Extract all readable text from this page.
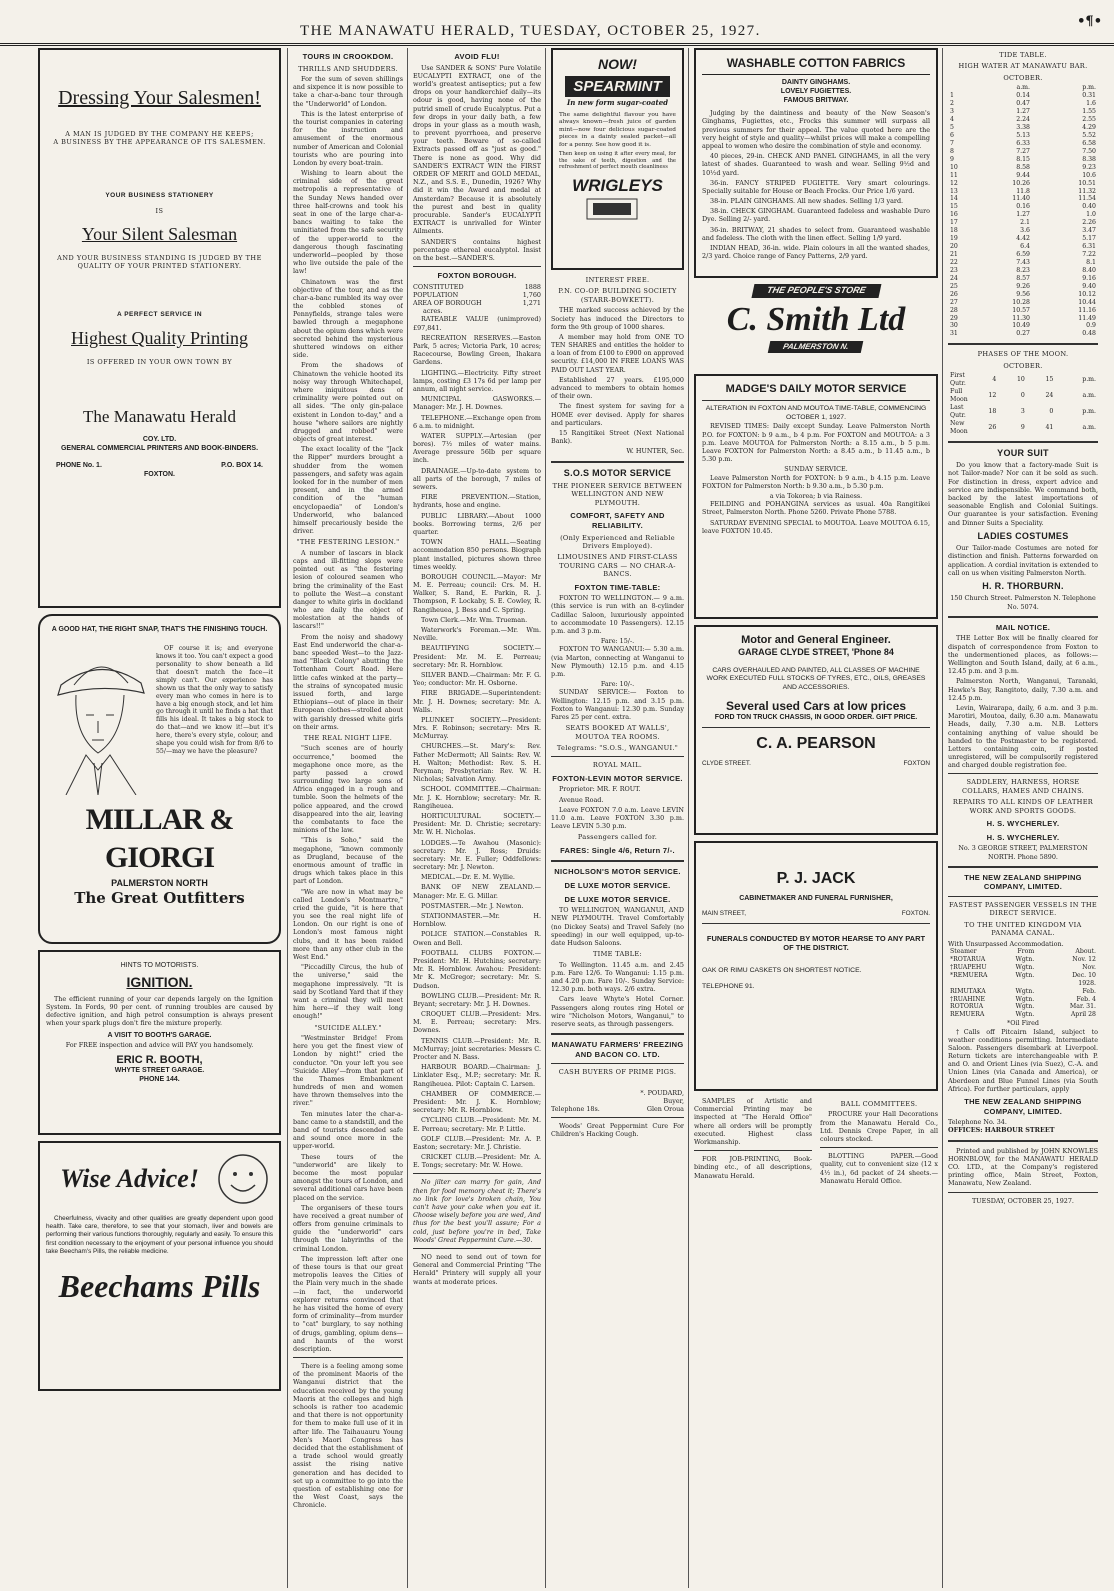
THE MANAWATU HERALD, TUESDAY, OCTOBER 25, 1927.
•¶•
Dressing Your Salesmen!
A MAN IS JUDGED BY THE COMPANY HE KEEPS;
A BUSINESS BY THE APPEARANCE OF ITS SALESMEN.
YOUR BUSINESS STATIONERY
IS
Your Silent Salesman
AND YOUR BUSINESS STANDING IS JUDGED BY THE QUALITY OF YOUR PRINTED STATIONERY.
A PERFECT SERVICE IN
Highest Quality Printing
IS OFFERED IN YOUR OWN TOWN BY
The Manawatu Herald
COY. LTD.
GENERAL COMMERCIAL PRINTERS AND BOOK-BINDERS.
PHONE No. 1.	P.O. BOX 14.
FOXTON.
A GOOD HAT, THE RIGHT SNAP, THAT'S THE FINISHING TOUCH.

OF course it is; and everyone knows it too. You can't expect a good personality to show beneath a lid that doesn't match the face—it simply can't. Our experience has shown us that the only way to satisfy every man who comes in here is to have a big enough stock, and let him go through it until he finds a hat that fills his ideal. It takes a big stock to do that—and we know it!—but it's here, there's every style, colour, and shape you could wish for from 8/6 to 55/—may we have the pleasure?

MILLAR & GIORGI
PALMERSTON NORTH
The Great Outfitters
HINTS TO MOTORISTS.
IGNITION.

The efficient running of your car depends largely on the Ignition System. In Fords, 90 per cent. of running troubles are caused by defective ignition, and high petrol consumption is always present when your spark plugs don't fire the mixture properly.

A VISIT TO BOOTH'S GARAGE.
For FREE inspection and advice will PAY you handsomely.
ERIC R. BOOTH,
WHYTE STREET GARAGE.
PHONE 144.
Wise Advice!

Cheerfulness, vivacity and other qualities are greatly dependent upon good health. Take care, therefore, to see that your stomach, liver and bowels are performing their various functions thoroughly, regularly and easily. To ensure this first condition necessary to the enjoyment of your personal influence you should take Beecham's Pills, the reliable medicine.

Beechams Pills
TOURS IN CROOKDOM.
THRILLS AND SHUDDERS.

For the sum of seven shillings and sixpence it is now possible to take a char-a-banc tour through the "Underworld" of London.

This is the latest enterprise of the tourist companies in catering for the instruction and amusement of the enormous number of American and Colonial tourists who are pouring into London by every boat-train.

Wishing to learn about the criminal side of the great metropolis a representative of the Sunday News handed over three half-crowns and took his seat in one of the large char-a-bancs waiting to take the uninitiated from the safe security of the upper-world to the dangerous though fascinating underworld—peopled by those who live outside the pale of the law!

Chinatown was the first objective of the tour, and as the char-a-banc rumbled its way over the cobbled stones of Pennyfields, strange tales were bawled through a megaphone about the opium dens which were secreted behind the mysterious shuttered windows on either side.

From the shadows of Chinatown the vehicle hooted its noisy way through Whitechapel, where iniquitous dens of criminality were pointed out on all sides. "The only gin-palace existent in London to-day," and a house "where sailors are nightly drugged and robbed" were objects of great interest.

The exact locality of the "Jack the Ripper" murders brought a shudder from the women passengers, and safety was again looked for in the number of men present, and in the armed condition of the "human encyclopaedia" of London's Underworld, who balanced himself precariously beside the driver.

"THE FESTERING LESION."

A number of lascars in black caps and ill-fitting slops were pointed out as "the festering lesion of coloured seamen who bring the criminality of the East to pollute the West—a constant danger to white girls in dockland who are daily the object of molestation at the hands of lascars!!"

From the noisy and shadowy East End underworld the char-a-banc speeded West—to the Jazz-mad "Black Colony" abutting the Tottenham Court Road. Here little cafes winked at the party—the strains of syncopated music issued forth, and large Ethiopians—out of place in their European clothes—strolled about with garishly dressed white girls on their arms.

THE REAL NIGHT LIFE.

"Such scenes are of hourly occurrence," boomed the megaphone once more, as the party passed a crowd surrounding two large sons of Africa engaged in a rough and tumble. Soon the helmets of the police appeared, and the crowd disappeared into the air, leaving the combatants to face the minions of the law.

"This is Soho," said the megaphone, "known commonly as Drugland, because of the enormous amount of traffic in drugs which takes place in this part of London.

"We are now in what may be called London's Montmartre," cried the guide, "it is here that you see the real night life of London. On our right is one of London's most famous night clubs, and it has been raided more than any other club in the West End."

"Piccadilly Circus, the hub of the universe," said the megaphone impressively. "It is said by Scotland Yard that if they want a criminal they will meet him here—if they wait long enough!"

"SUICIDE ALLEY."

"Westminster Bridge! From here you get the finest view of London by night!" cried the conductor. "On your left you see 'Suicide Alley'—from that part of the Thames Embankment hundreds of men and women have thrown themselves into the river."

Ten minutes later the char-a-banc came to a standstill, and the band of tourists descended safe and sound once more in the upper-world.

These tours of the "underworld" are likely to become the most popular amongst the tours of London, and several additional cars have been placed on the service.

The organisers of these tours have received a great number of offers from genuine criminals to guide the "underworld" cars through the labyrinths of the criminal London.

The impression left after one of these tours is that our great metropolis leaves the Cities of the Plain very much in the shade—in fact, the underworld explorer returns convinced that he has visited the home of every form of criminality—from murder to "cat" burglary, to say nothing of drugs, gambling, opium dens—and haunts of the worst description.

There is a feeling among some of the prominent Maoris of the Wanganui district that the education received by the young Maoris at the colleges and high schools is rather too academic and that there is not opportunity for them to make full use of it in after life. The Taihauauru Young Men's Maori Congress has decided that the establishment of a trade school would greatly assist the rising native generation and has decided to set up a committee to go into the question of establishing one for the West Coast, says the Chronicle.

AVOID FLU!

Use SANDER & SONS' Pure Volatile EUCALYPTI EXTRACT, one of the world's greatest antiseptics; put a few drops on your handkerchief daily—its odour is good, having none of the putrid smell of crude Eucalyptus. Put a few drops in your daily bath, a few drops in your glass as a mouth wash, to prevent pyorrhoea, and preserve your teeth. Beware of so-called Extracts passed off as "just as good." There is none as good. Why did SANDER'S EXTRACT WIN the FIRST ORDER OF MERIT and GOLD MEDAL, N.Z., and S.S. E., Dunedin, 1926? Why did it win the Award and medal at Amsterdam? Because it is absolutely the purest and best in quality procurable. Sander's EUCALYPTI EXTRACT is unrivalled for Winter Ailments.

SANDER'S contains highest percentage ethereal eucalyptol. Insist on the best.—SANDER'S.

FOXTON BOROUGH.
CONSTITUTED	1888
POPULATION	1,760
AREA OF BOROUGH	1,271
acres.

RATEABLE VALUE (unimproved) £97,841.

RECREATION RESERVES.—Easton Park, 5 acres; Victoria Park, 10 acres; Racecourse, Bowling Green, Ihakara Gardens.

LIGHTING.—Electricity. Fifty street lamps, costing £3 17s 6d per lamp per annum, all night service.

MUNICIPAL GASWORKS.—Manager: Mr. J. H. Downes.

TELEPHONE.—Exchange open from 6 a.m. to midnight.

WATER SUPPLY.—Artesian (per bores). 7½ miles of water mains. Average pressure 56lb per square inch.

DRAINAGE.—Up-to-date system to all parts of the borough, 7 miles of sewers.

FIRE PREVENTION.—Station, hydrants, hose and engine.

PUBLIC LIBRARY.—About 1000 books. Borrowing terms, 2/6 per quarter.

TOWN HALL.—Seating accommodation 850 persons. Biograph plant installed, pictures shown three times weekly.

BOROUGH COUNCIL.—Mayor: Mr M. E. Perreau; council: Crs. M. H. Walker, S. Rand, E. Parkin, R. J. Thompson, F. Lockaby, S. E. Cowley, R. Rangiheuea, J. Bess and C. Spring.

Town Clerk.—Mr. Wm. Trueman.

Waterwork's Foreman.—Mr. Wm. Neville.

BEAUTIFYING SOCIETY.—President: Mr. M. E. Perreau; secretary: Mr. R. Hornblow.

SILVER BAND.—Chairman: Mr. F. G. Yeo; conductor: Mr. H. Osborne.

FIRE BRIGADE.—Superintendent: Mr. J. H. Downes; secretary: Mr. A. Walls.

PLUNKET SOCIETY.—President: Mrs. F. Robinson; secretary: Mrs R. McMurray.

CHURCHES.—St. Mary's: Rev. Father McDermott; All Saints: Rev. W. H. Walton; Methodist: Rev. S. H. Peryman; Presbyterian: Rev. W. H. Nicholas; Salvation Army.

SCHOOL COMMITTEE.—Chairman: Mr. J. K. Hornblow; secretary: Mr. R. Rangiheuea.

HORTICULTURAL SOCIETY.—President: Mr. D. Christie; secretary: Mr. W. H. Nicholas.

LODGES.—Te Awahou (Masonic): secretary: Mr. J. Ross; Druids: secretary: Mr. E. Fuller; Oddfellows: secretary: Mr. J. Newton.

MEDICAL.—Dr. E. M. Wyllie.

BANK OF NEW ZEALAND.—Manager: Mr. E. G. Millar.

POSTMASTER.—Mr. J. Newton.

STATIONMASTER.—Mr. H. Hornblow.

POLICE STATION.—Constables R. Owen and Bell.

FOOTBALL CLUBS FOXTON.—President: Mr. H. Hutchins; secretary: Mr. R. Hornblow. Awahou: President: Mr K. McGregor; secretary: Mr. S. Dudson.

BOWLING CLUB.—President: Mr. R. Bryant; secretary: Mr. J. H. Downes.

CROQUET CLUB.—President: Mrs. M. E. Perreau; secretary: Mrs. Downes.

TENNIS CLUB.—President: Mr. R. McMurray; joint secretaries: Messrs C. Procter and N. Bass.

HARBOUR BOARD.—Chairman: J. Linklater Esq., M.P.; secretary: Mr. R. Rangiheuea. Pilot: Captain C. Larsen.

CHAMBER OF COMMERCE.—President: Mr. J. K. Hornblow; secretary: Mr. R. Hornblow.

CYCLING CLUB.—President: Mr. M. E. Perreau; secretary: Mr. P. Little.

GOLF CLUB.—President: Mr. A. P. Easton; secretary: Mr. J. Christie.

CRICKET CLUB.—President: Mr. A. E. Tongs; secretary: Mr. W. Howe.

No jilter can marry for gain, And then for food memory cheat it; There's no link for love's broken chain, You can't have your cake when you eat it. Choose wisely before you are wed, And thus for the best you'll assure; For a cold, just before you're in bed, Take Woods' Great Peppermint Cure.—30.

NO need to send out of town for General and Commercial Printing "The Herald" Printery will supply all your wants at moderate prices.

NOW!
SPEARMINT
In new form sugar-coated

The same delightful flavour you have always known—fresh juice of garden mint—now four delicious sugar-coated pieces in a dainty sealed packet—all for a penny. See how good it is.

Then keep on using it after every meal, for the sake of teeth, digestion and the refreshment of perfect mouth cleanliness

WRIGLEYS
INTEREST FREE.
P.N. CO-OP. BUILDING SOCIETY (STARR-BOWKETT).

THE marked success achieved by the Society has induced the Directors to form the 9th group of 1000 shares.

A member may hold from ONE TO TEN SHARES and entitles the holder to a loan of from £100 to £900 on approved security. £14,000 IN FREE LOANS WAS PAID OUT LAST YEAR.

Established 27 years. £195,000 advanced to members to obtain homes of their own.

The finest system for saving for a HOME ever devised. Apply for shares and particulars.

15 Rangitikei Street (Next National Bank).

W. HUNTER, Sec.
S.O.S MOTOR SERVICE
THE PIONEER SERVICE BETWEEN WELLINGTON AND NEW PLYMOUTH.
COMFORT, SAFETY AND RELIABILITY.
(Only Experienced and Reliable Drivers Employed).
LIMOUSINES AND FIRST-CLASS TOURING CARS — NO CHAR-A-BANCS.
FOXTON TIME-TABLE:

FOXTON TO WELLINGTON.— 9 a.m. (this service is run with an 8-cylinder Cadillac Saloon, luxuriously appointed to accommodate 10 Passengers). 12.15 p.m. and 3 p.m.

Fare: 15/-.

FOXTON TO WANGANUI:— 5.30 a.m. (via Marton, connecting at Wanganui to New Plymouth) 12.15 p.m. and 4.15 p.m.

Fare: 10/-.

SUNDAY SERVICE:— Foxton to Wellington: 12.15 p.m. and 3.15 p.m. Foxton to Wanganui: 12.30 p.m. Sunday Fares 25 per cent. extra.

SEATS BOOKED AT WALLS', MOUTOA TEA ROOMS.
Telegrams: "S.O.S., WANGANUI."
ROYAL MAIL.
FOXTON-LEVIN MOTOR SERVICE.

Proprietor: MR. F. ROUT.

Avenue Road.

Leave FOXTON 7.0 a.m. Leave LEVIN 11.0 a.m. Leave FOXTON 3.30 p.m. Leave LEVIN 5.30 p.m.

Passengers called for.
FARES: Single 4/6, Return 7/-.
NICHOLSON'S MOTOR SERVICE.
DE LUXE MOTOR SERVICE.
DE LUXE MOTOR SERVICE.

TO WELLINGTON, WANGANUI, AND NEW PLYMOUTH. Travel Comfortably (no Dickey Seats) and Travel Safely (no speeding) in our well equipped, up-to-date Hudson Saloons.

TIME TABLE:

To Wellington. 11.45 a.m. and 2.45 p.m. Fare 12/6. To Wanganui: 1.15 p.m. and 4.20 p.m. Fare 10/-. Sunday Service: 12.30 p.m. both ways. 2/6 extra.

Cars leave Whyte's Hotel Corner. Passengers along routes ring Hotel or wire "Nicholson Motors, Wanganui," to reserve seats, as through passengers.

MANAWATU FARMERS' FREEZING AND BACON CO. LTD.
CASH BUYERS OF PRIME PIGS.
*. POUDARD,
Buyer,
Telephone 18s.	Glen Oroua

Woods' Great Peppermint Cure For Children's Hacking Cough.

WASHABLE COTTON FABRICS
DAINTY GINGHAMS.
LOVELY FUGIETTES.
FAMOUS BRITWAY.

Judging by the daintiness and beauty of the New Season's Ginghams, Fugiettes, etc., Frocks this summer will surpass all previous summers for their appeal. The value quoted here are the very height of style and quality—whilst prices will make a compelling appeal to women who desire the combination of style and economy.

40 pieces, 29-in. CHECK AND PANEL GINGHAMS, in all the very latest of shades. Guaranteed to wash and wear. Selling 9½d and 10½d yard.

36-in. FANCY STRIPED FUGIETTE. Very smart colourings. Specially suitable for House or Beach Frocks. Our Price 1/6 yard.

38-in. PLAIN GINGHAMS. All new shades. Selling 1/3 yard.

38-in. CHECK GINGHAM. Guaranteed fadeless and washable Duro Dye. Selling 2/- yard.

36-in. BRITWAY, 21 shades to select from. Guaranteed washable and fadeless. The cloth with the linen effect. Selling 1/9 yard.

INDIAN HEAD, 36-in. wide. Plain colours in all the wanted shades, 2/3 yard. Choice range of Fancy Patterns, 2/9 yard.

THE PEOPLE'S STORE
C. Smith Ltd
PALMERSTON N.
MADGE'S DAILY MOTOR SERVICE
ALTERATION IN FOXTON AND MOUTOA TIME-TABLE, COMMENCING OCTOBER 1, 1927.

REVISED TIMES: Daily except Sunday. Leave Palmerston North P.O. for FOXTON: b 9 a.m., b 4 p.m. For FOXTON and MOUTOA: a 3 p.m. Leave MOUTOA for Palmerston North: a 8.15 a.m., b 5 p.m. Leave FOXTON for Palmerston North: a 8.45 a.m., b 11.45 a.m., b 5.30 p.m.

SUNDAY SERVICE.

Leave Palmerston North for FOXTON: b 9 a.m., b 4.15 p.m. Leave FOXTON for Palmerston North: b 9.30 a.m., b 5.30 p.m.

a via Tokorea; b via Rainess.

FEILDING and POHANGINA services as usual. 40a Rangitikei Street, Palmerston North. Phone 5260. Private Phone 5788.

SATURDAY EVENING SPECIAL to MOUTOA. Leave MOUTOA 6.15, leave FOXTON 10.45.

Motor and General Engineer.
GARAGE CLYDE STREET, 'Phone 84
CARS OVERHAULED AND PAINTED, ALL CLASSES OF MACHINE WORK EXECUTED FULL STOCKS OF TYRES, ETC., OILS, GREASES AND ACCESSORIES.
Several used Cars at low prices
FORD TON TRUCK CHASSIS, IN GOOD ORDER. GIFT PRICE.
C. A. PEARSON
CLYDE STREET.	FOXTON
P. J. JACK
CABINETMAKER AND FUNERAL FURNISHER,
MAIN STREET,	FOXTON.
FUNERALS CONDUCTED BY MOTOR HEARSE TO ANY PART OF THE DISTRICT.
OAK OR RIMU CASKETS ON SHORTEST NOTICE.
TELEPHONE 91.

SAMPLES of Artistic and Commercial Printing may be inspected at "The Herald Office" where all orders will be promptly executed. Highest class Workmanship.

FOR JOB-PRINTING, Book-binding etc., of all descriptions, Manawatu Herald.

BALL COMMITTEES.

PROCURE your Hall Decorations from the Manawatu Herald Co., Ltd. Dennis Crepe Paper, in all colours stocked.

BLOTTING PAPER.—Good quality, cut to convenient size (12 x 4½ in.), 6d packet of 24 sheets.—Manawatu Herald Office.

TIDE TABLE.
HIGH WATER AT MANAWATU BAR.
OCTOBER.
	a.m.	p.m.
1	0.14	0.31
2	0.47	1.6
3	1.27	1.55
4	2.24	2.55
5	3.38	4.29
6	5.13	5.52
7	6.33	6.58
8	7.27	7.50
9	8.15	8.38
10	8.58	9.23
11	9.44	10.6
12	10.26	10.51
13	11.8	11.32
14	11.40	11.54
15	0.16	0.40
16	1.27	1.0
17	2.1	2.26
18	3.6	3.47
19	4.42	5.17
20	6.4	6.31
21	6.59	7.22
22	7.43	8.1
23	8.23	8.40
24	8.57	9.16
25	9.26	9.40
26	9.56	10.12
27	10.28	10.44
28	10.57	11.16
29	11.30	11.49
30	10.49	0.9
31	0.27	0.48
PHASES OF THE MOON.
OCTOBER.
First Qutr.	4	10	15	p.m.
Full Moon	12	0	24	a.m.
Last Qutr.	18	3	0	p.m.
New Moon	26	9	41	a.m.
YOUR SUIT

Do you know that a factory-made Suit is not Tailor-made? Nor can it be sold as such. For distinction in dress, expert advice and service are indispensible. We command both, backed by the latest importations of seasonable English and Colonial Suitings. Our guarantee is your satisfaction. Evening and Dinner Suits a Speciality.

LADIES COSTUMES

Our Tailor-made Costumes are noted for distinction and finish. Patterns forwarded on application. A cordial invitation is extended to call on us when visiting Palmerston North.

H. R. THORBURN.
150 Church Street. Palmerston N. Telephone No. 5074.
MAIL NOTICE.

THE Letter Box will be finally cleared for dispatch of correspondence from Foxton to the undermentioned places, as follows:— Wellington and South Island, daily, at 6 a.m., 12.45 p.m. and 3 p.m.

Palmerston North, Wanganui, Taranaki, Hawke's Bay, Rangitoto, daily, 7.30 a.m. and 12.45 p.m.

Levin, Wairarapa, daily, 6 a.m. and 3 p.m. Marotiri, Moutoa, daily, 6.30 a.m. Manawatu Heads, daily, 7.30 a.m. N.B. Letters containing anything of value should be handed to the Postmaster to be registered. Letters containing coin, if posted unregistered, will be compulsorily registered and charged double registration fee.

SADDLERY, HARNESS, HORSE COLLARS, HAMES AND CHAINS.
REPAIRS TO ALL KINDS OF LEATHER WORK AND SPORTS GOODS.
H. S. WYCHERLEY.
H. S. WYCHERLEY.
No. 3 GEORGE STREET, PALMERSTON NORTH. Phone 5890.
THE NEW ZEALAND SHIPPING COMPANY, LIMITED.
FASTEST PASSENGER VESSELS IN THE DIRECT SERVICE.
TO THE UNITED KINGDOM VIA PANAMA CANAL.
With Unsurpassed Accommodation.
Steamer	From	About.
*ROTARUA	Wgtn.	Nov. 12
†RUAPEHU	Wgtn.	Nov.
*REMUERA	Wgtn.	Dec. 10
		1928.
RIMUTAKA	Wgtn.	Feb.
†RUAHINE	Wgtn.	Feb. 4
ROTORUA	Wgtn.	Mar. 31.
REMUERA	Wgtn.	April 28
*Oil Fired

†Calls off Pitcairn Island, subject to weather conditions permitting. Intermediate Saloon. Passengers disembark at Liverpool. Return tickets are interchangeable with P. and O. and Orient Lines (via Suez), C.-A. and Union Lines (via Canada and America), or Aberdeen and Blue Funnel Lines (via South Africa). For further particulars, apply

THE NEW ZEALAND SHIPPING COMPANY, LIMITED.
Telephone No. 34.
OFFICES: HARBOUR STREET

Printed and published by JOHN KNOWLES HORNBLOW, for the MANAWATU HERALD CO. LTD., at the Company's registered printing office, Main Street, Foxton, Manawatu, New Zealand.

TUESDAY, OCTOBER 25, 1927.
